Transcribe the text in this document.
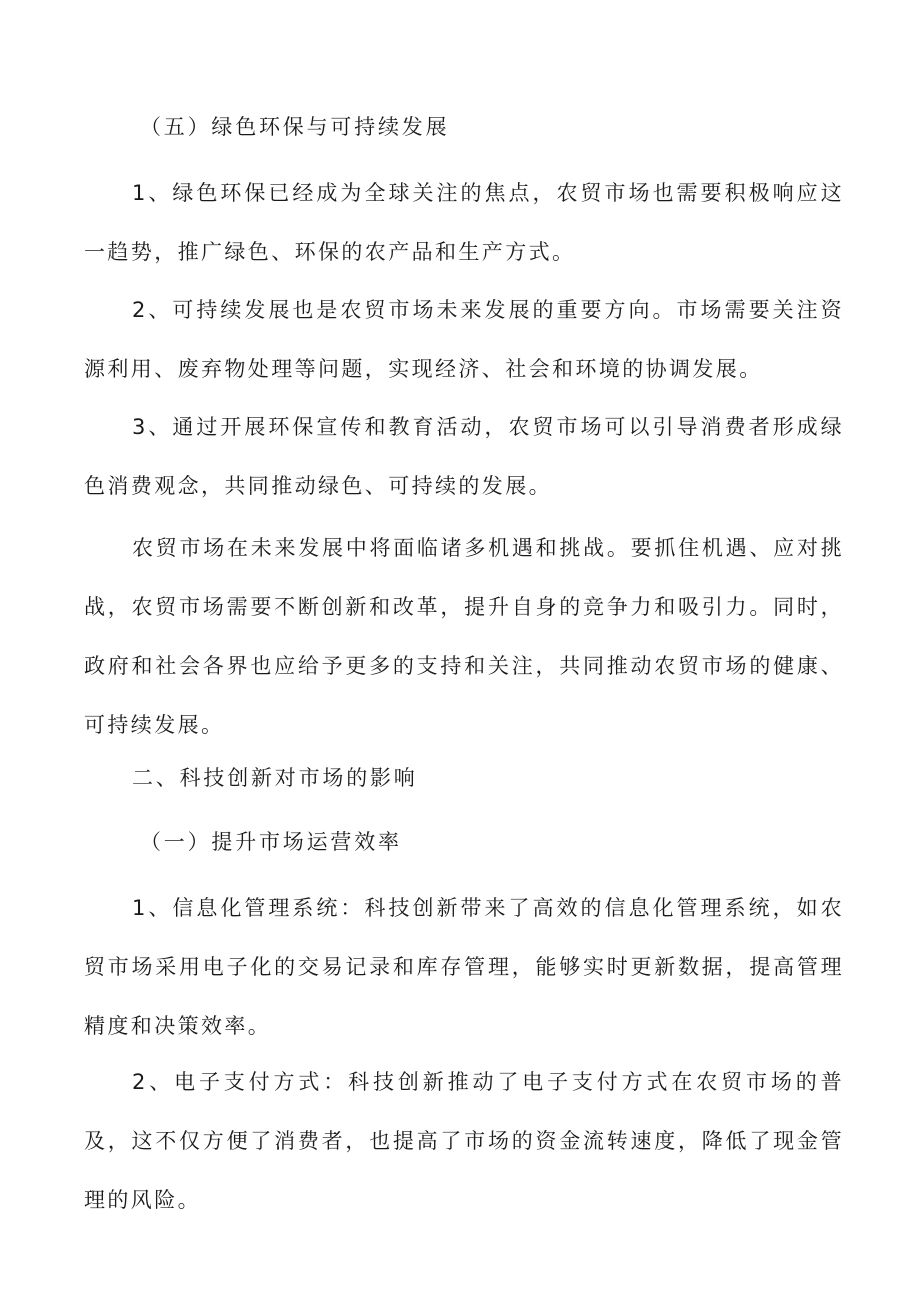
（五）绿色环保与可持续发展

1、绿色环保已经成为全球关注的焦点，农贸市场也需要积极响应这一趋势，推广绿色、环保的农产品和生产方式。

2、可持续发展也是农贸市场未来发展的重要方向。市场需要关注资源利用、废弃物处理等问题，实现经济、社会和环境的协调发展。

3、通过开展环保宣传和教育活动，农贸市场可以引导消费者形成绿色消费观念，共同推动绿色、可持续的发展。

农贸市场在未来发展中将面临诸多机遇和挑战。要抓住机遇、应对挑战，农贸市场需要不断创新和改革，提升自身的竞争力和吸引力。同时，政府和社会各界也应给予更多的支持和关注，共同推动农贸市场的健康、可持续发展。

二、科技创新对市场的影响

（一）提升市场运营效率

1、信息化管理系统：科技创新带来了高效的信息化管理系统，如农贸市场采用电子化的交易记录和库存管理，能够实时更新数据，提高管理精度和决策效率。

2、电子支付方式：科技创新推动了电子支付方式在农贸市场的普及，这不仅方便了消费者，也提高了市场的资金流转速度，降低了现金管理的风险。
